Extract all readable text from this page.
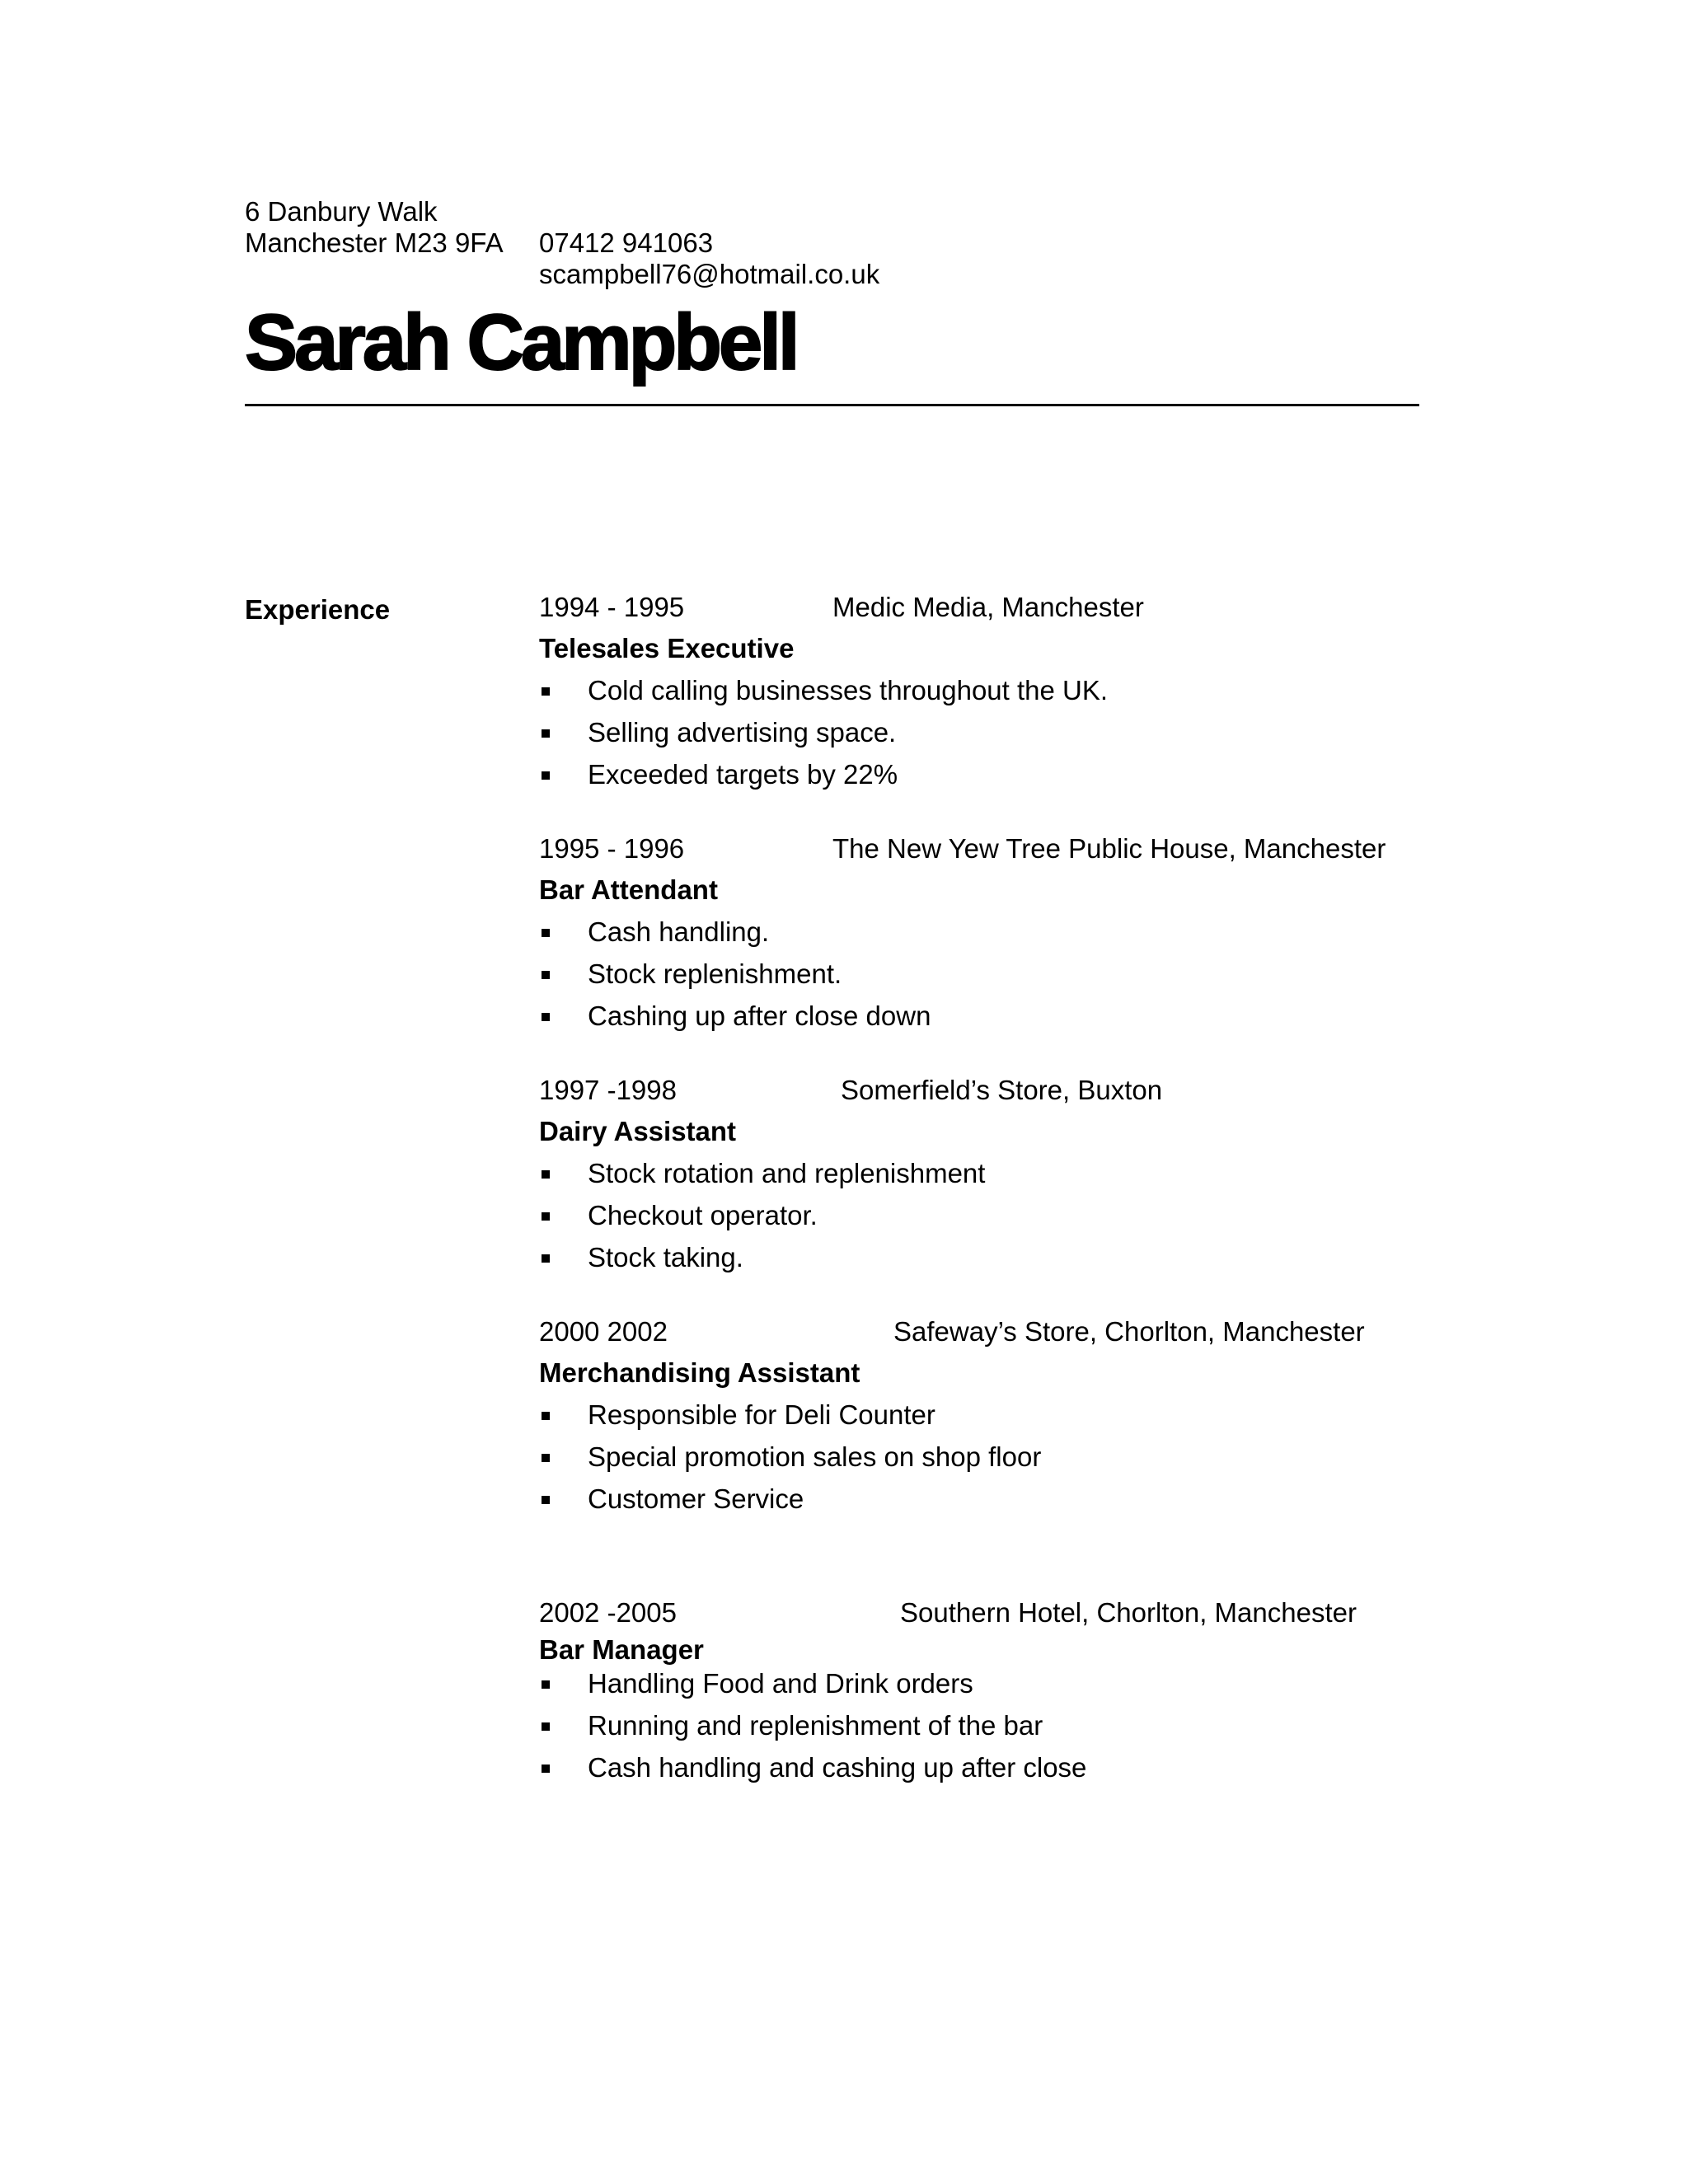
6 Danbury Walk
Manchester M23 9FA 07412 941063
scampbell76@hotmail.co.uk
Sarah Campbell
Experience	1994 - 1995	Medic Media, Manchester
Telesales Executive
Cold calling businesses throughout the UK.
Selling advertising space.
Exceeded targets by 22%
1995 - 1996	The New Yew Tree Public House, Manchester
Bar Attendant
Cash handling.
Stock replenishment.
Cashing up after close down
1997 -1998	Somerfield’s Store, Buxton
Dairy Assistant
Stock rotation and replenishment
Checkout operator.
Stock taking.
2000 2002	Safeway’s Store, Chorlton, Manchester
Merchandising Assistant
Responsible for Deli Counter
Special promotion sales on shop floor
Customer Service
2002 -2005	Southern Hotel, Chorlton, Manchester
Bar Manager
Handling Food and Drink orders
Running and replenishment of the bar
Cash handling and cashing up after close
